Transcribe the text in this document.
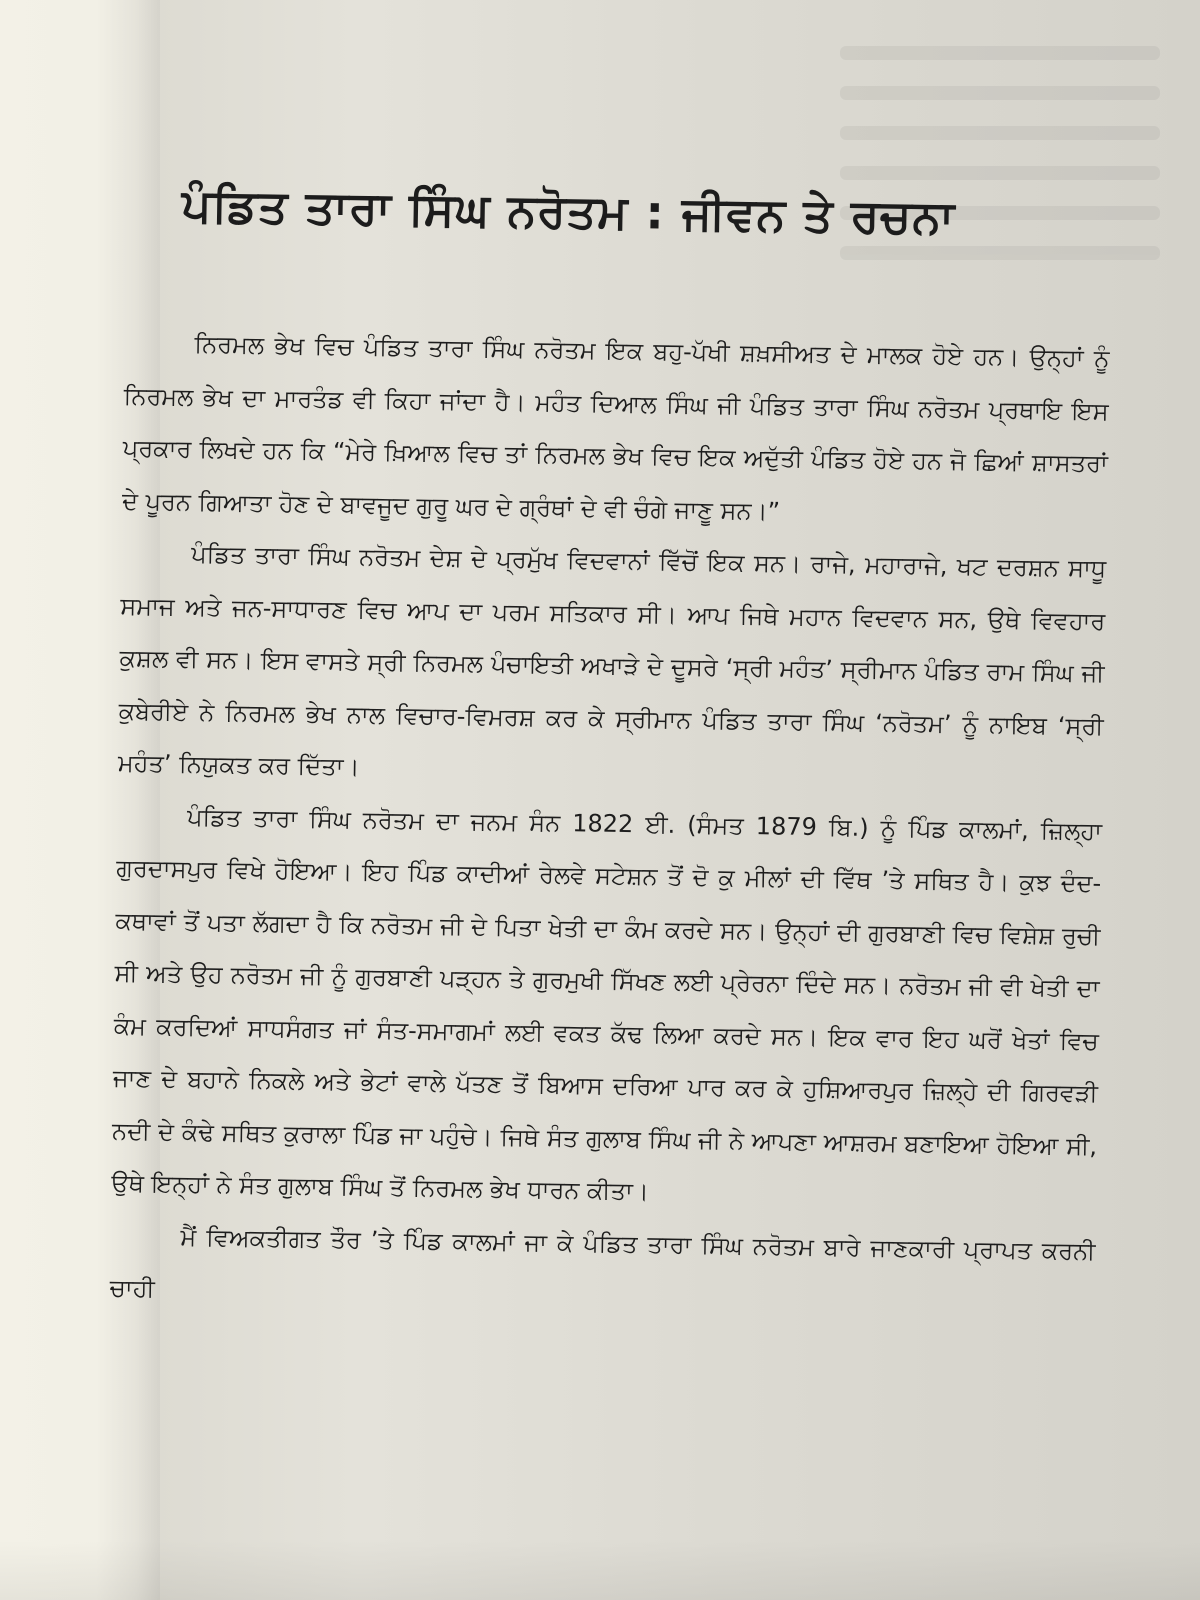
ਪੰਡਿਤ ਤਾਰਾ ਸਿੰਘ ਨਰੋਤਮ : ਜੀਵਨ ਤੇ ਰਚਨਾ

ਨਿਰਮਲ ਭੇਖ ਵਿਚ ਪੰਡਿਤ ਤਾਰਾ ਸਿੰਘ ਨਰੋਤਮ ਇਕ ਬਹੁ-ਪੱਖੀ ਸ਼ਖ਼ਸੀਅਤ ਦੇ ਮਾਲਕ ਹੋਏ ਹਨ। ਉਨ੍ਹਾਂ ਨੂੰ ਨਿਰਮਲ ਭੇਖ ਦਾ ਮਾਰਤੰਡ ਵੀ ਕਿਹਾ ਜਾਂਦਾ ਹੈ। ਮਹੰਤ ਦਿਆਲ ਸਿੰਘ ਜੀ ਪੰਡਿਤ ਤਾਰਾ ਸਿੰਘ ਨਰੋਤਮ ਪ੍ਰਥਾਇ ਇਸ ਪ੍ਰਕਾਰ ਲਿਖਦੇ ਹਨ ਕਿ “ਮੇਰੇ ਖ਼ਿਆਲ ਵਿਚ ਤਾਂ ਨਿਰਮਲ ਭੇਖ ਵਿਚ ਇਕ ਅਦੁੱਤੀ ਪੰਡਿਤ ਹੋਏ ਹਨ ਜੋ ਛਿਆਂ ਸ਼ਾਸਤਰਾਂ ਦੇ ਪੂਰਨ ਗਿਆਤਾ ਹੋਣ ਦੇ ਬਾਵਜੂਦ ਗੁਰੂ ਘਰ ਦੇ ਗ੍ਰੰਥਾਂ ਦੇ ਵੀ ਚੰਗੇ ਜਾਣੂ ਸਨ।”

ਪੰਡਿਤ ਤਾਰਾ ਸਿੰਘ ਨਰੋਤਮ ਦੇਸ਼ ਦੇ ਪ੍ਰਮੁੱਖ ਵਿਦਵਾਨਾਂ ਵਿੱਚੋਂ ਇਕ ਸਨ। ਰਾਜੇ, ਮਹਾਰਾਜੇ, ਖਟ ਦਰਸ਼ਨ ਸਾਧੂ ਸਮਾਜ ਅਤੇ ਜਨ-ਸਾਧਾਰਣ ਵਿਚ ਆਪ ਦਾ ਪਰਮ ਸਤਿਕਾਰ ਸੀ। ਆਪ ਜਿਥੇ ਮਹਾਨ ਵਿਦਵਾਨ ਸਨ, ਉਥੇ ਵਿਵਹਾਰ ਕੁਸ਼ਲ ਵੀ ਸਨ। ਇਸ ਵਾਸਤੇ ਸ੍ਰੀ ਨਿਰਮਲ ਪੰਚਾਇਤੀ ਅਖਾੜੇ ਦੇ ਦੂਸਰੇ ‘ਸ੍ਰੀ ਮਹੰਤ’ ਸ੍ਰੀਮਾਨ ਪੰਡਿਤ ਰਾਮ ਸਿੰਘ ਜੀ ਕੁਬੇਰੀਏ ਨੇ ਨਿਰਮਲ ਭੇਖ ਨਾਲ ਵਿਚਾਰ-ਵਿਮਰਸ਼ ਕਰ ਕੇ ਸ੍ਰੀਮਾਨ ਪੰਡਿਤ ਤਾਰਾ ਸਿੰਘ ‘ਨਰੋਤਮ’ ਨੂੰ ਨਾਇਬ ‘ਸ੍ਰੀ ਮਹੰਤ’ ਨਿਯੁਕਤ ਕਰ ਦਿੱਤਾ।

ਪੰਡਿਤ ਤਾਰਾ ਸਿੰਘ ਨਰੋਤਮ ਦਾ ਜਨਮ ਸੰਨ 1822 ਈ. (ਸੰਮਤ 1879 ਬਿ.) ਨੂੰ ਪਿੰਡ ਕਾਲਮਾਂ, ਜ਼ਿਲ੍ਹਾ ਗੁਰਦਾਸਪੁਰ ਵਿਖੇ ਹੋਇਆ। ਇਹ ਪਿੰਡ ਕਾਦੀਆਂ ਰੇਲਵੇ ਸਟੇਸ਼ਨ ਤੋਂ ਦੋ ਕੁ ਮੀਲਾਂ ਦੀ ਵਿੱਥ ’ਤੇ ਸਥਿਤ ਹੈ। ਕੁਝ ਦੰਦ-ਕਥਾਵਾਂ ਤੋਂ ਪਤਾ ਲੱਗਦਾ ਹੈ ਕਿ ਨਰੋਤਮ ਜੀ ਦੇ ਪਿਤਾ ਖੇਤੀ ਦਾ ਕੰਮ ਕਰਦੇ ਸਨ। ਉਨ੍ਹਾਂ ਦੀ ਗੁਰਬਾਣੀ ਵਿਚ ਵਿਸ਼ੇਸ਼ ਰੁਚੀ ਸੀ ਅਤੇ ਉਹ ਨਰੋਤਮ ਜੀ ਨੂੰ ਗੁਰਬਾਣੀ ਪੜ੍ਹਨ ਤੇ ਗੁਰਮੁਖੀ ਸਿੱਖਣ ਲਈ ਪ੍ਰੇਰਨਾ ਦਿੰਦੇ ਸਨ। ਨਰੋਤਮ ਜੀ ਵੀ ਖੇਤੀ ਦਾ ਕੰਮ ਕਰਦਿਆਂ ਸਾਧਸੰਗਤ ਜਾਂ ਸੰਤ-ਸਮਾਗਮਾਂ ਲਈ ਵਕਤ ਕੱਢ ਲਿਆ ਕਰਦੇ ਸਨ। ਇਕ ਵਾਰ ਇਹ ਘਰੋਂ ਖੇਤਾਂ ਵਿਚ ਜਾਣ ਦੇ ਬਹਾਨੇ ਨਿਕਲੇ ਅਤੇ ਭੇਟਾਂ ਵਾਲੇ ਪੱਤਣ ਤੋਂ ਬਿਆਸ ਦਰਿਆ ਪਾਰ ਕਰ ਕੇ ਹੁਸ਼ਿਆਰਪੁਰ ਜ਼ਿਲ੍ਹੇ ਦੀ ਗਿਰਵੜੀ ਨਦੀ ਦੇ ਕੰਢੇ ਸਥਿਤ ਕੁਰਾਲਾ ਪਿੰਡ ਜਾ ਪਹੁੰਚੇ। ਜਿਥੇ ਸੰਤ ਗੁਲਾਬ ਸਿੰਘ ਜੀ ਨੇ ਆਪਣਾ ਆਸ਼ਰਮ ਬਣਾਇਆ ਹੋਇਆ ਸੀ, ਉਥੇ ਇਨ੍ਹਾਂ ਨੇ ਸੰਤ ਗੁਲਾਬ ਸਿੰਘ ਤੋਂ ਨਿਰਮਲ ਭੇਖ ਧਾਰਨ ਕੀਤਾ।

ਮੈਂ ਵਿਅਕਤੀਗਤ ਤੌਰ ’ਤੇ ਪਿੰਡ ਕਾਲਮਾਂ ਜਾ ਕੇ ਪੰਡਿਤ ਤਾਰਾ ਸਿੰਘ ਨਰੋਤਮ ਬਾਰੇ ਜਾਣਕਾਰੀ ਪ੍ਰਾਪਤ ਕਰਨੀ ਚਾਹੀ
